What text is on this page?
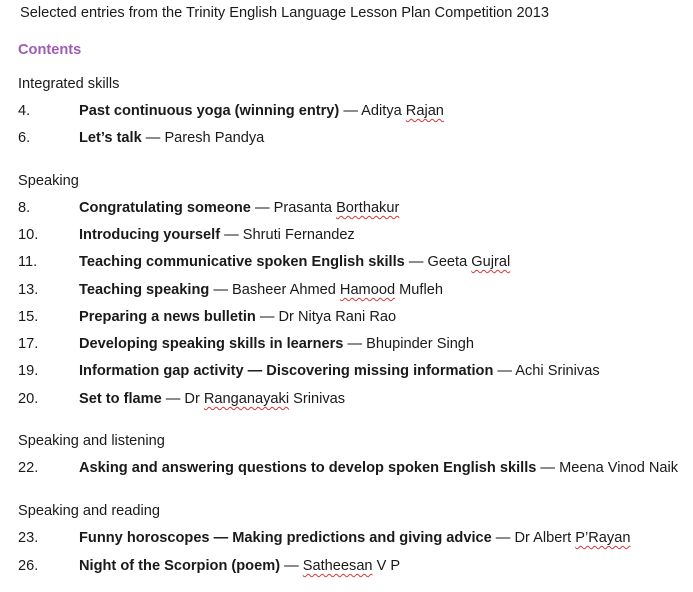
Selected entries from the Trinity English Language Lesson Plan Competition 2013
Contents
Integrated skills
4.	Past continuous yoga (winning entry) — Aditya Rajan
6.	Let’s talk — Paresh Pandya
Speaking
8.	Congratulating someone — Prasanta Borthakur
10.	Introducing yourself — Shruti Fernandez
11.	Teaching communicative spoken English skills — Geeta Gujral
13.	Teaching speaking — Basheer Ahmed Hamood Mufleh
15.	Preparing a news bulletin — Dr Nitya Rani Rao
17.	Developing speaking skills in learners — Bhupinder Singh
19.	Information gap activity — Discovering missing information — Achi Srinivas
20.	Set to flame — Dr Ranganayaki Srinivas
Speaking and listening
22.	Asking and answering questions to develop spoken English skills — Meena Vinod Naik
Speaking and reading
23.	Funny horoscopes — Making predictions and giving advice — Dr Albert P’Rayan
26.	Night of the Scorpion (poem) — Satheesan V P
